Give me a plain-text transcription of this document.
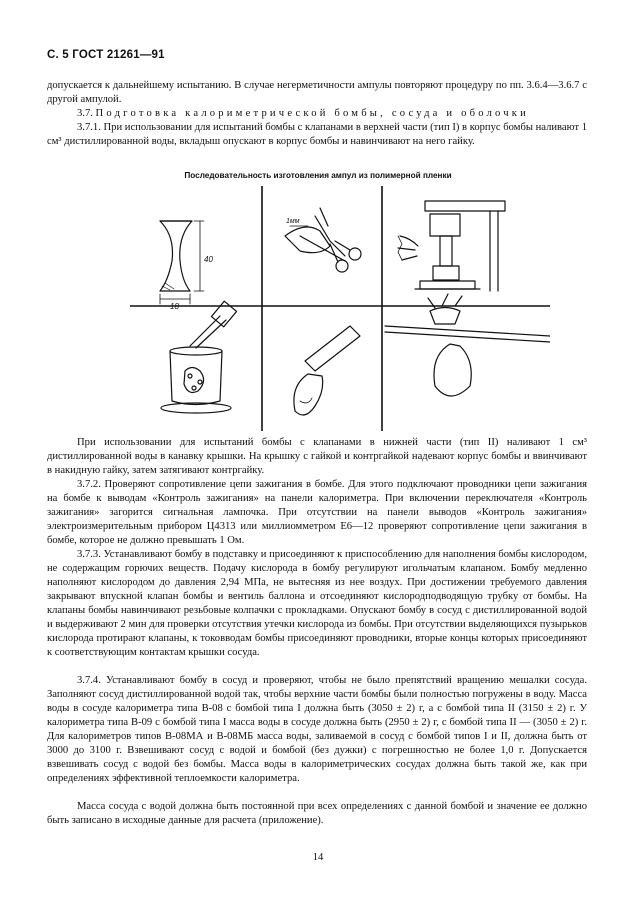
С. 5 ГОСТ 21261—91

допускается к дальнейшему испытанию. В случае негерметичности ампулы повторяют процедуру по пп. 3.6.4—3.6.7 с другой ампулой.

3.7. Подготовка калориметрической бомбы, сосуда и оболочки

3.7.1. При использовании для испытаний бомбы с клапанами в верхней части (тип I) в корпус бомбы наливают 1 см³ дистиллированной воды, вкладыш опускают в корпус бомбы и навинчивают на него гайку.

Последовательность изготовления ампул из полимерной пленки
40
18
1мм

При использовании для испытаний бомбы с клапанами в нижней части (тип II) наливают 1 см³ дистиллированной воды в канавку крышки. На крышку с гайкой и контргайкой надевают корпус бомбы и ввинчивают в накидную гайку, затем затягивают контргайку.

3.7.2. Проверяют сопротивление цепи зажигания в бомбе. Для этого подключают проводники цепи зажигания на бомбе к выводам «Контроль зажигания» на панели калориметра. При включении переключателя «Контроль зажигания» загорится сигнальная лампочка. При отсутствии на панели выводов «Контроль зажигания» электроизмерительным прибором Ц4313 или миллиомметром Е6—12 проверяют сопротивление цепи зажигания в бомбе, которое не должно превышать 1 Ом.

3.7.3. Устанавливают бомбу в подставку и присоединяют к приспособлению для наполнения бомбы кислородом, не содержащим горючих веществ. Подачу кислорода в бомбу регулируют игольчатым клапаном. Бомбу медленно наполняют кислородом до давления 2,94 МПа, не вытесняя из нее воздух. При достижении требуемого давления закрывают впускной клапан бомбы и вентиль баллона и отсоединяют кислородподводящую трубку от бомбы. На клапаны бомбы навинчивают резьбовые колпачки с прокладками. Опускают бомбу в сосуд с дистиллированной водой и выдерживают 2 мин для проверки отсутствия утечки кислорода из бомбы. При отсутствии выделяющихся пузырьков кислорода протирают клапаны, к токовводам бомбы присоединяют проводники, вторые концы которых присоединяют к соответствующим контактам крышки сосуда.

3.7.4. Устанавливают бомбу в сосуд и проверяют, чтобы не было препятствий вращению мешалки сосуда. Заполняют сосуд дистиллированной водой так, чтобы верхние части бомбы были полностью погружены в воду. Масса воды в сосуде калориметра типа В-08 с бомбой типа I должна быть (3050 ± 2) г, а с бомбой типа II (3150 ± 2) г. У калориметра типа В-09 с бомбой типа I масса воды в сосуде должна быть (2950 ± 2) г, с бомбой типа II — (3050 ± 2) г. Для калориметров типов В-08МА и В-08МБ масса воды, заливаемой в сосуд с бомбой типов I и II, должна быть от 3000 до 3100 г. Взвешивают сосуд с водой и бомбой (без дужки) с погрешностью не более 1,0 г. Допускается взвешивать сосуд с водой без бомбы. Масса воды в калориметрических сосудах должна быть такой же, как при определениях эффективной теплоемкости калориметра.

Масса сосуда с водой должна быть постоянной при всех определениях с данной бомбой и значение ее должно быть записано в исходные данные для расчета (приложение).

14
